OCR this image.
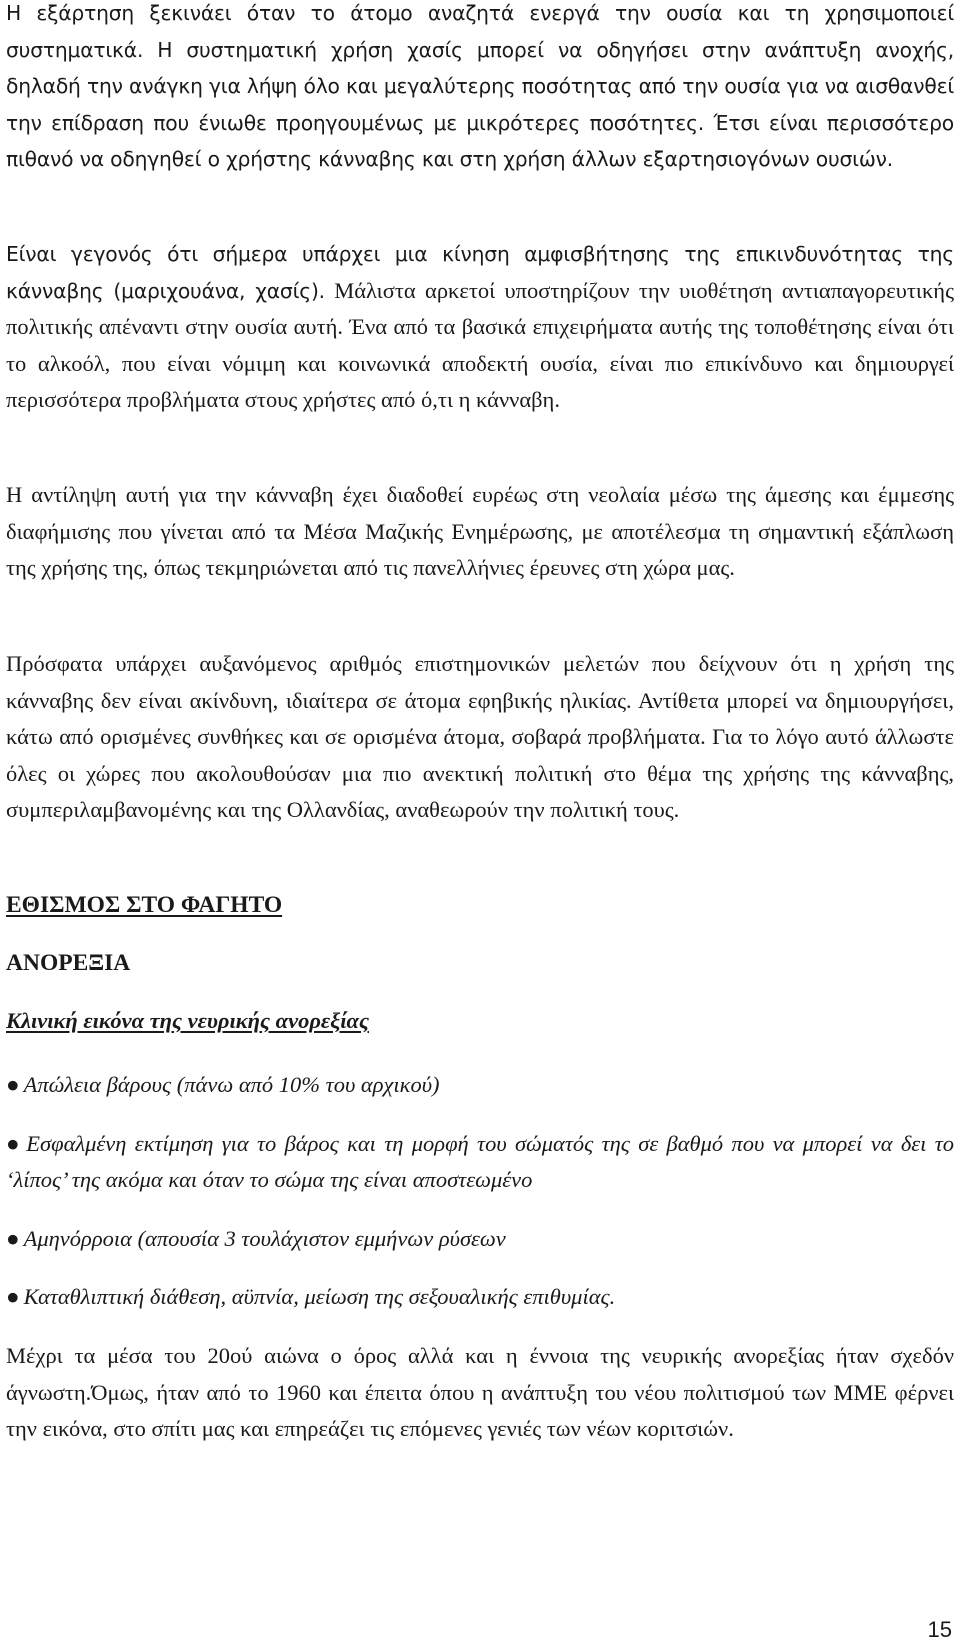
Η εξάρτηση ξεκινάει όταν το άτομο αναζητά ενεργά την ουσία και τη χρησιμοποιεί συστηματικά. Η συστηματική χρήση χασίς μπορεί να οδηγήσει στην ανάπτυξη ανοχής, δηλαδή την ανάγκη για λήψη όλο και μεγαλύτερης ποσότητας από την ουσία για να αισθανθεί την επίδραση που ένιωθε προηγουμένως με μικρότερες ποσότητες. Έτσι είναι περισσότερο πιθανό να οδηγηθεί ο χρήστης κάνναβης και στη χρήση άλλων εξαρτησιογόνων ουσιών.

Είναι γεγονός ότι σήμερα υπάρχει μια κίνηση αμφισβήτησης της επικινδυνότητας της κάνναβης (μαριχουάνα, χασίς). Μάλιστα αρκετοί υποστηρίζουν την υιοθέτηση αντιαπαγορευτικής πολιτικής απέναντι στην ουσία αυτή. Ένα από τα βασικά επιχειρήματα αυτής της τοποθέτησης είναι ότι το αλκοόλ, που είναι νόμιμη και κοινωνικά αποδεκτή ουσία, είναι πιο επικίνδυνο και δημιουργεί περισσότερα προβλήματα στους χρήστες από ό,τι η κάνναβη.

Η αντίληψη αυτή για την κάνναβη έχει διαδοθεί ευρέως στη νεολαία μέσω της άμεσης και έμμεσης διαφήμισης που γίνεται από τα Μέσα Μαζικής Ενημέρωσης, με αποτέλεσμα τη σημαντική εξάπλωση της χρήσης της, όπως τεκμηριώνεται από τις πανελλήνιες έρευνες στη χώρα μας.

Πρόσφατα υπάρχει αυξανόμενος αριθμός επιστημονικών μελετών που δείχνουν ότι η χρήση της κάνναβης δεν είναι ακίνδυνη, ιδιαίτερα σε άτομα εφηβικής ηλικίας. Αντίθετα μπορεί να δημιουργήσει, κάτω από ορισμένες συνθήκες και σε ορισμένα άτομα, σοβαρά προβλήματα. Για το λόγο αυτό άλλωστε όλες οι χώρες που ακολουθούσαν μια πιο ανεκτική πολιτική στο θέμα της χρήσης της κάνναβης, συμπεριλαμβανομένης και της Ολλανδίας, αναθεωρούν την πολιτική τους.

ΕΘΙΣΜΟΣ ΣΤΟ ΦΑΓΗΤΟ
ΑΝΟΡΕΞΙΑ
Κλινική εικόνα της νευρικής ανορεξίας
● Απώλεια βάρους (πάνω από 10% του αρχικού)
● Εσφαλμένη εκτίμηση για το βάρος και τη μορφή του σώματός της σε βαθμό που να μπορεί να δει το ‘λίπος’ της ακόμα και όταν το σώμα της είναι αποστεωμένο
● Αμηνόρροια (απουσία 3 τουλάχιστον εμμήνων ρύσεων
● Καταθλιπτική διάθεση, αϋπνία, μείωση της σεξουαλικής επιθυμίας.

Μέχρι τα μέσα του 20ού αιώνα ο όρος αλλά και η έννοια της νευρικής ανορεξίας ήταν σχεδόν άγνωστη.Όμως, ήταν από το 1960 και έπειτα όπου η ανάπτυξη του νέου πολιτισμού των ΜΜΕ φέρνει την εικόνα, στο σπίτι μας και επηρεάζει τις επόμενες γενιές των νέων κοριτσιών.

15
